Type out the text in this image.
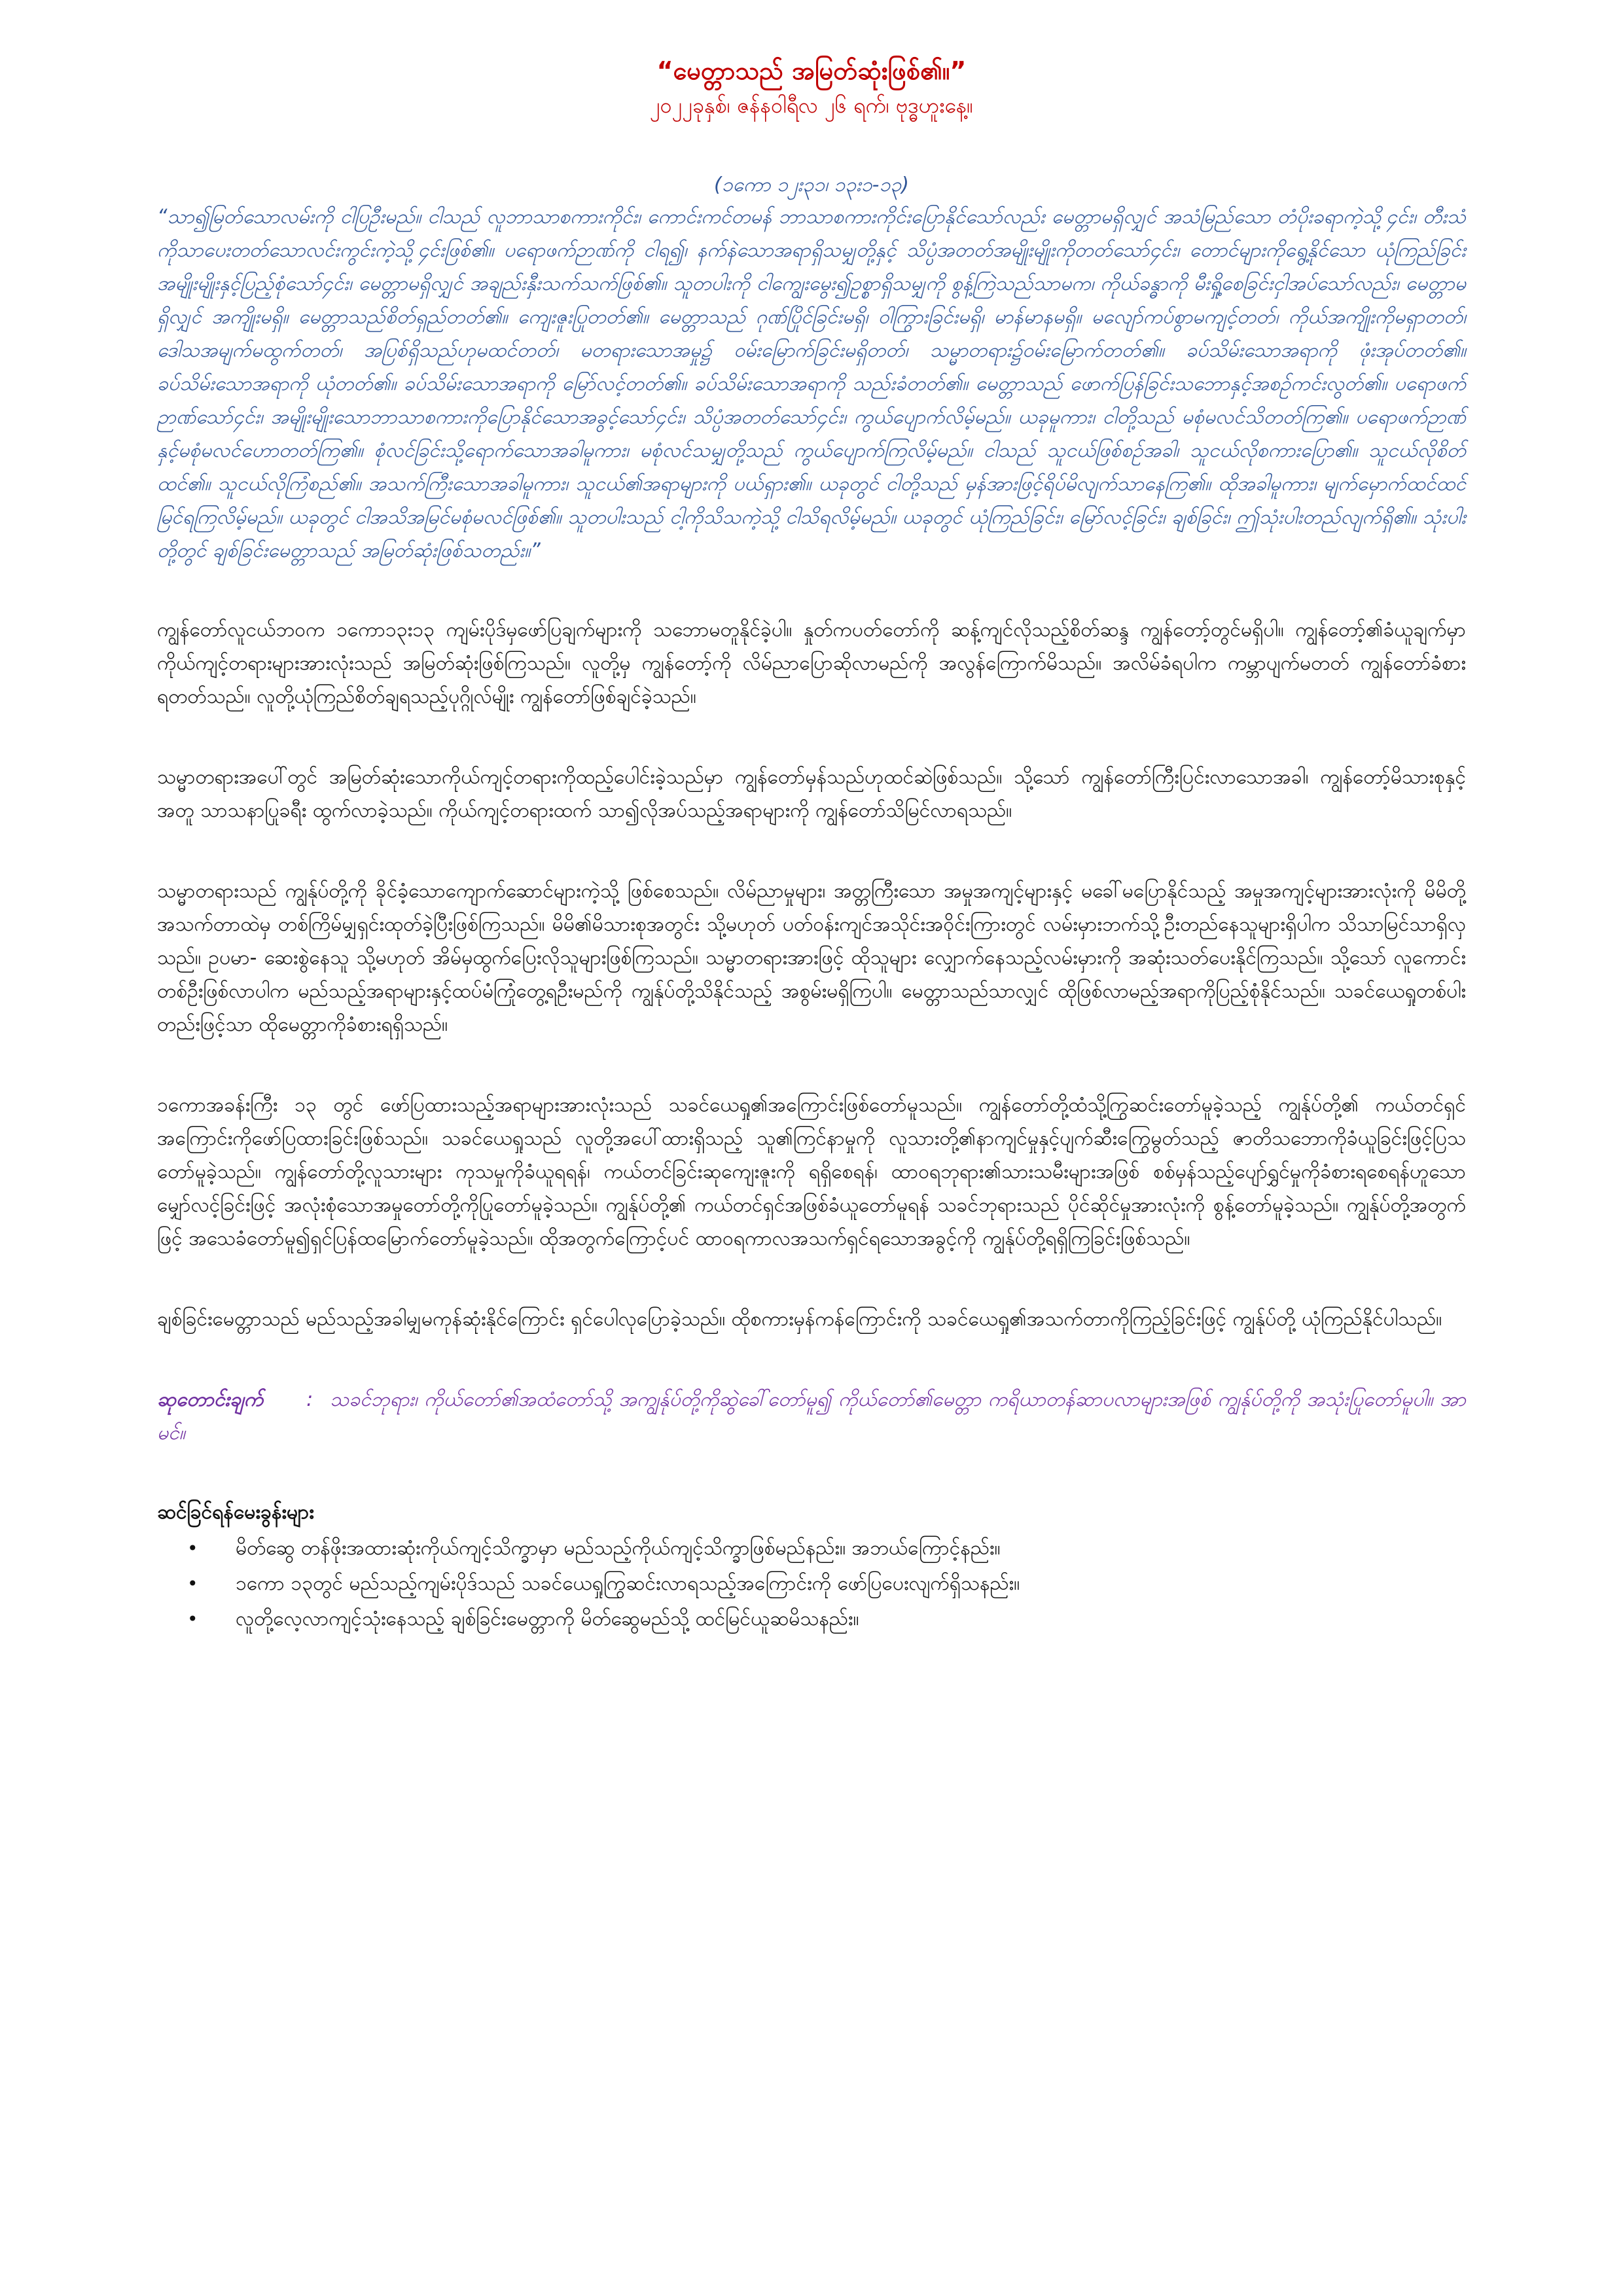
“မေတ္တာသည် အမြတ်ဆုံးဖြစ်၏။”

၂၀၂၂ခုနှစ်၊ ဇန်နဝါရီလ ၂၆ ရက်၊ ဗုဒ္ဓဟူးနေ့။

(၁ကော ၁၂း၃၁၊ ၁၃း၁-၁၃)

“သာ၍မြတ်သောလမ်းကို ငါပြဦးမည်။ ငါသည် လူဘာသာစကားကိုင်း၊ ကောင်းကင်တမန် ဘာသာစကားကိုင်းပြောနိုင်သော်လည်း မေတ္တာမရှိလျှင် အသံမြည်သော တံပိုးခရာကဲ့သို့၄င်း၊ တီးသံကိုသာပေးတတ်သောလင်းကွင်းကဲ့သို့၄င်းဖြစ်၏။ ပရောဖက်ဉာဏ်ကို ငါရ၍၊ နက်နဲသောအရာရှိသမျှတို့နှင့် သိပ္ပံအတတ်အမျိုးမျိုးကိုတတ်သော်၄င်း၊ တောင်များကိုရွေ့နိုင်သော ယုံကြည်ခြင်းအမျိုးမျိုးနှင့်ပြည့်စုံသော်၄င်း၊ မေတ္တာမရှိလျှင် အချည်းနှီးသက်သက်ဖြစ်၏။ သူတပါးကို ငါကျွေးမွေး၍ဥစ္စာရှိသမျှကို စွန့်ကြဲသည်သာမက၊ ကိုယ်ခန္ဓာကို မီးရှို့စေခြင်းငှါအပ်သော်လည်း၊ မေတ္တာမရှိလျှင် အကျိုးမရှိ။ မေတ္တာသည်စိတ်ရှည်တတ်၏။ ကျေးဇူးပြုတတ်၏။ မေတ္တာသည် ဂုဏ်ပြိုင်ခြင်းမရှိ၊ ဝါကြွားခြင်းမရှိ၊ မာန်မာနမရှိ။ မလျော်ကပ်စွာမကျင့်တတ်၊ ကိုယ်အကျိုးကိုမရှာတတ်၊ ဒေါသအမျက်မထွက်တတ်၊ အပြစ်ရှိသည်ဟုမထင်တတ်၊ မတရားသောအမှု၌ ဝမ်းမြောက်ခြင်းမရှိတတ်၊ သမ္မာတရား၌ဝမ်းမြောက်တတ်၏။ ခပ်သိမ်းသောအရာကို ဖုံးအုပ်တတ်၏။ ခပ်သိမ်းသောအရာကို ယုံတတ်၏။ ခပ်သိမ်းသောအရာကို မြော်လင့်တတ်၏။ ခပ်သိမ်းသောအရာကို သည်းခံတတ်၏။ မေတ္တာသည် ဖောက်ပြန်ခြင်းသဘောနှင့်အစဉ်ကင်းလွတ်၏။ ပရောဖက်ဉာဏ်သော်၄င်း၊ အမျိုးမျိုးသောဘာသာစကားကိုပြောနိုင်သောအခွင့်သော်၄င်း၊ သိပ္ပံအတတ်သော်၄င်း၊ ကွယ်ပျောက်လိမ့်မည်။ ယခုမူကား၊ ငါတို့သည် မစုံမလင်သိတတ်ကြ၏။ ပရောဖက်ဉာဏ်နှင့်မစုံမလင်ဟောတတ်ကြ၏။ စုံလင်ခြင်းသို့ရောက်သောအခါမူကား၊ မစုံလင်သမျှတို့သည် ကွယ်ပျောက်ကြလိမ့်မည်။ ငါသည် သူငယ်ဖြစ်စဉ်အခါ၊ သူငယ်လိုစကားပြော၏။ သူငယ်လိုစိတ်ထင်၏။ သူငယ်လိုကြံစည်၏။ အသက်ကြီးသောအခါမူကား၊ သူငယ်၏အရာများကို ပယ်ရှား၏။ ယခုတွင် ငါတို့သည် မှန်အားဖြင့်ရိပ်မိလျက်သာနေကြ၏။ ထိုအခါမူကား၊ မျက်မှောက်ထင်ထင်မြင်ရကြလိမ့်မည်။ ယခုတွင် ငါအသိအမြင်မစုံမလင်ဖြစ်၏။ သူတပါးသည် ငါ့ကိုသိသကဲ့သို့ ငါသိရလိမ့်မည်။ ယခုတွင် ယုံကြည်ခြင်း၊ မြော်လင့်ခြင်း၊ ချစ်ခြင်း၊ ဤသုံးပါးတည်လျက်ရှိ၏။ သုံးပါးတို့တွင် ချစ်ခြင်းမေတ္တာသည် အမြတ်ဆုံးဖြစ်သတည်း။”

ကျွန်တော်လူငယ်ဘဝက ၁ကော၁၃း၁၃ ကျမ်းပိုဒ်မှဖော်ပြချက်များကို သဘောမတူနိုင်ခဲ့ပါ။ နှုတ်ကပတ်တော်ကို ဆန့်ကျင်လိုသည့်စိတ်ဆန္ဒ ကျွန်တော့်တွင်မရှိပါ။ ကျွန်တော့်၏ခံယူချက်မှာ ကိုယ်ကျင့်တရားများအားလုံးသည် အမြတ်ဆုံးဖြစ်ကြသည်။ လူတို့မှ ကျွန်တော့်ကို လိမ်ညာပြောဆိုလာမည်ကို အလွန်ကြောက်မိသည်။ အလိမ်ခံရပါက ကမ္ဘာပျက်မတတ် ကျွန်တော်ခံစားရတတ်သည်။ လူတို့ယုံကြည်စိတ်ချရသည့်ပုဂ္ဂိုလ်မျိုး ကျွန်တော်ဖြစ်ချင်ခဲ့သည်။

သမ္မာတရားအပေါ်တွင် အမြတ်ဆုံးသောကိုယ်ကျင့်တရားကိုထည့်ပေါင်းခဲ့သည်မှာ ကျွန်တော်မှန်သည်ဟုထင်ဆဲဖြစ်သည်။ သို့သော် ကျွန်တော်ကြီးပြင်းလာသောအခါ၊ ကျွန်တော့်မိသားစုနှင့်အတူ သာသနာပြုခရီး ထွက်လာခဲ့သည်။ ကိုယ်ကျင့်တရားထက် သာ၍လိုအပ်သည့်အရာများကို ကျွန်တော်သိမြင်လာရသည်။

သမ္မာတရားသည် ကျွန်ုပ်တို့ကို ခိုင်ခံ့သောကျောက်ဆောင်များကဲ့သို့ ဖြစ်စေသည်။ လိမ်ညာမှုများ၊ အတ္တကြီးသော အမှုအကျင့်များနှင့် မခေါ်မပြောနိုင်သည့် အမှုအကျင့်များအားလုံးကို မိမိတို့အသက်တာထဲမှ တစ်ကြိမ်မျှရှင်းထုတ်ခဲ့ပြီးဖြစ်ကြသည်။ မိမိ၏မိသားစုအတွင်း သို့မဟုတ် ပတ်ဝန်းကျင်အသိုင်းအဝိုင်းကြားတွင် လမ်းမှားဘက်သို့ဦးတည်နေသူများရှိပါက သိသာမြင်သာရှိလှသည်။ ဥပမာ- ဆေးစွဲနေသူ သို့မဟုတ် အိမ်မှထွက်ပြေးလိုသူများဖြစ်ကြသည်။ သမ္မာတရားအားဖြင့် ထိုသူများ လျှောက်နေသည့်လမ်းမှားကို အဆုံးသတ်ပေးနိုင်ကြသည်။ သို့သော် လူကောင်းတစ်ဦးဖြစ်လာပါက မည်သည့်အရာများနှင့်ထပ်မံကြုံတွေ့ရဦးမည်ကို ကျွန်ုပ်တို့သိနိုင်သည့် အစွမ်းမရှိကြပါ။ မေတ္တာသည်သာလျှင် ထိုဖြစ်လာမည့်အရာကိုပြည့်စုံနိုင်သည်။ သခင်ယေရှုတစ်ပါးတည်းဖြင့်သာ ထိုမေတ္တာကိုခံစားရရှိသည်။

၁ကောအခန်းကြီး ၁၃ တွင် ဖော်ပြထားသည့်အရာများအားလုံးသည် သခင်ယေရှု၏အကြောင်းဖြစ်တော်မူသည်။ ကျွန်တော်တို့ထံသို့ကြွဆင်းတော်မူခဲ့သည့် ကျွန်ုပ်တို့၏ ကယ်တင်ရှင်အကြောင်းကိုဖော်ပြထားခြင်းဖြစ်သည်။ သခင်ယေရှုသည် လူတို့အပေါ်ထားရှိသည့် သူ၏ကြင်နာမှုကို လူသားတို့၏နာကျင်မှုနှင့်ပျက်ဆီးကြွေမွတ်သည့် ဇာတိသဘောကိုခံယူခြင်းဖြင့်ပြသတော်မူခဲ့သည်။ ကျွန်တော်တို့လူသားများ ကုသမှုကိုခံယူရရန်၊ ကယ်တင်ခြင်းဆုကျေးဇူးကို ရရှိစေရန်၊ ထာဝရဘုရား၏သားသမီးများအဖြစ် စစ်မှန်သည့်ပျော်ရွှင်မှုကိုခံစားရစေရန်ဟူသော မျှော်လင့်ခြင်းဖြင့် အလုံးစုံသောအမှုတော်တို့ကိုပြုတော်မူခဲ့သည်။ ကျွန်ုပ်တို့၏ ကယ်တင်ရှင်အဖြစ်ခံယူတော်မူရန် သခင်ဘုရားသည် ပိုင်ဆိုင်မှုအားလုံးကို စွန့်တော်မူခဲ့သည်။ ကျွန်ုပ်တို့အတွက်ဖြင့် အသေခံတော်မူ၍ရှင်ပြန်ထမြောက်တော်မူခဲ့သည်။ ထိုအတွက်ကြောင့်ပင် ထာဝရကာလအသက်ရှင်ရသောအခွင့်ကို ကျွန်ုပ်တို့ရရှိကြခြင်းဖြစ်သည်။

ချစ်ခြင်းမေတ္တာသည် မည်သည့်အခါမျှမကုန်ဆုံးနိုင်ကြောင်း ရှင်ပေါလုပြောခဲ့သည်။ ထိုစကားမှန်ကန်ကြောင်းကို သခင်ယေရှု၏အသက်တာကိုကြည့်ခြင်းဖြင့် ကျွန်ုပ်တို့ ယုံကြည်နိုင်ပါသည်။

ဆုတောင်းချက် : သခင်ဘုရား၊ ကိုယ်တော်၏အထံတော်သို့ အကျွန်ုပ်တို့ကိုဆွဲခေါ်တော်မူ၍ ကိုယ်တော်၏မေတ္တာ ကရိယာတန်ဆာပလာများအဖြစ် ကျွန်ုပ်တို့ကို အသုံးပြုတော်မူပါ။ အာမင်။

ဆင်ခြင်ရန်မေးခွန်းများ

• မိတ်ဆွေ တန်ဖိုးအထားဆုံးကိုယ်ကျင့်သိက္ခာမှာ မည်သည့်ကိုယ်ကျင့်သိက္ခာဖြစ်မည်နည်း။ အဘယ်ကြောင့်နည်း။
• ၁ကော ၁၃တွင် မည်သည့်ကျမ်းပိုဒ်သည် သခင်ယေရှုကြွဆင်းလာရသည့်အကြောင်းကို ဖော်ပြပေးလျက်ရှိသနည်း။
• လူတို့လေ့လာကျင့်သုံးနေသည့် ချစ်ခြင်းမေတ္တာကို မိတ်ဆွေမည်သို့ ထင်မြင်ယူဆမိသနည်း။
